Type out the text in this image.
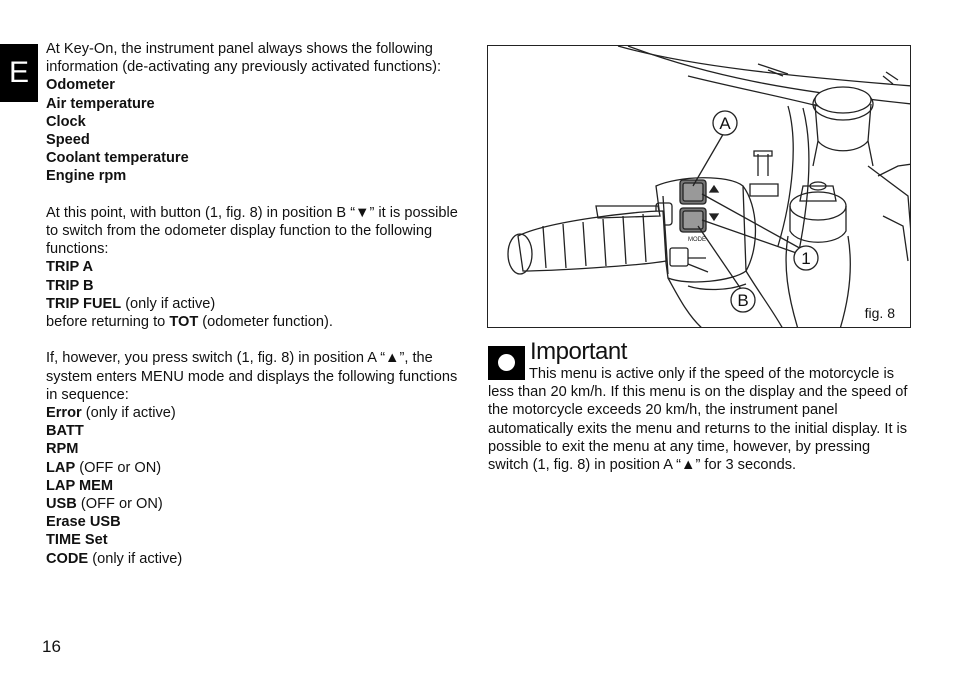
E

At Key-On, the instrument panel always shows the following information (de-activating any previously activated functions):

Odometer

Air temperature

Clock

Speed

Coolant temperature

Engine rpm

At this point, with button (1, fig. 8) in position B “▼” it is possible to switch from the odometer display function to the following functions:

TRIP A

TRIP B

TRIP FUEL (only if active)

before returning to TOT (odometer function).

If, however, you press switch (1, fig. 8) in position A “▲”, the system enters MENU mode and displays the following functions in sequence:

Error (only if active)

BATT

RPM

LAP (OFF or ON)

LAP MEM

USB (OFF or ON)

Erase USB

TIME Set

CODE (only if active)

A
1
B
MODE
fig. 8
Important

This menu is active only if the speed of the motorcycle is less than 20 km/h. If this menu is on the display and the speed of the motorcycle exceeds 20 km/h, the instrument panel automatically exits the menu and returns to the initial display. It is possible to exit the menu at any time, however, by pressing switch (1, fig. 8) in position A “▲” for 3 seconds.

16
